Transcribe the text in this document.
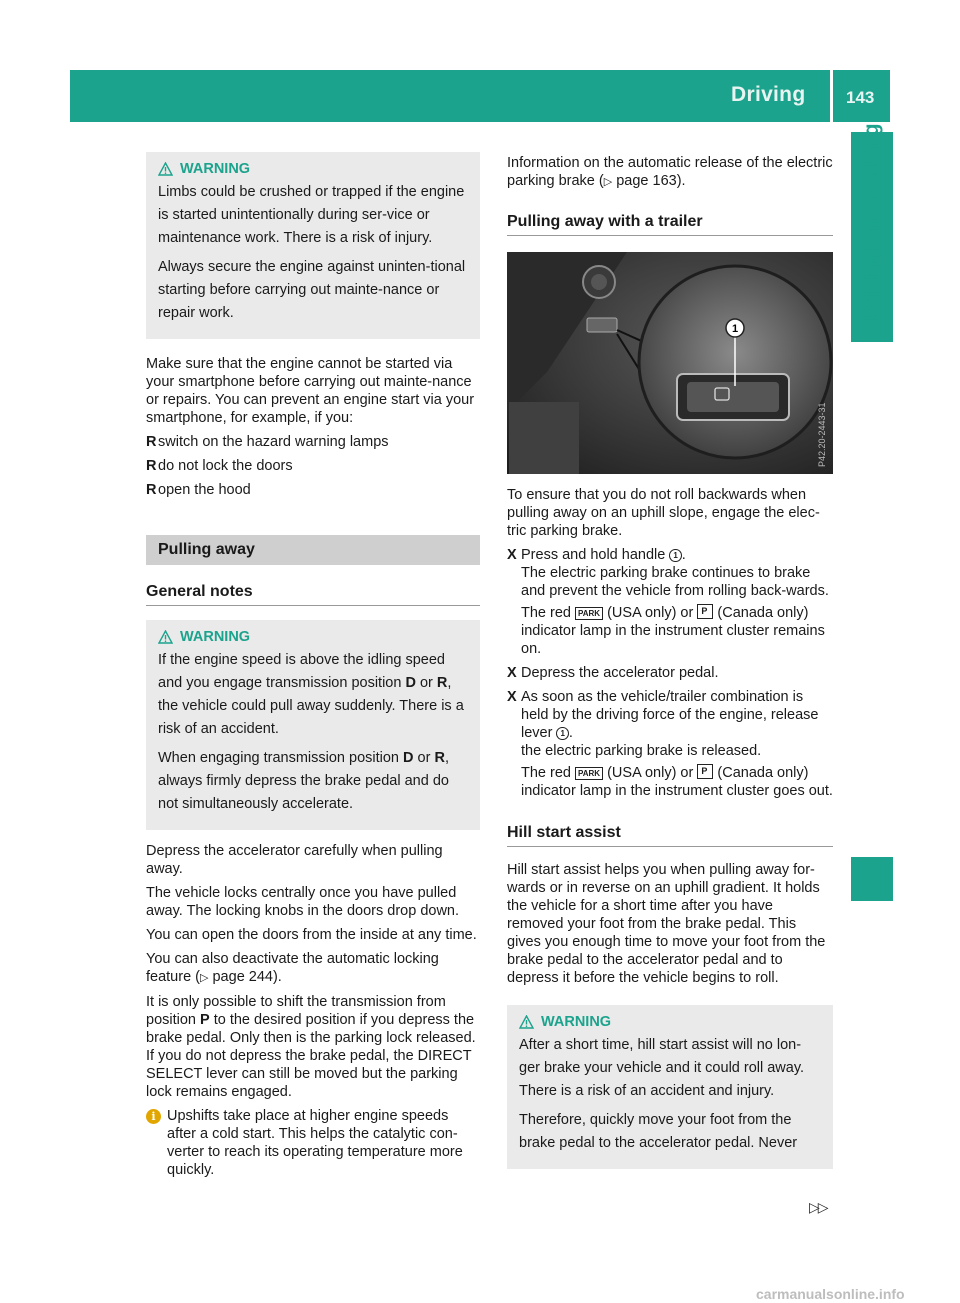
Driving 143
Driving and parking
WARNING

Limbs could be crushed or trapped if the engine is started unintentionally during ser-vice or maintenance work. There is a risk of injury.

Always secure the engine against uninten-tional starting before carrying out mainte-nance or repair work.

Make sure that the engine cannot be started via your smartphone before carrying out mainte-nance or repairs. You can prevent an engine start via your smartphone, for example, if you:

R switch on the hazard warning lamps
R do not lock the doors
R open the hood
Pulling away
General notes
WARNING

If the engine speed is above the idling speed and you engage transmission position D or R, the vehicle could pull away suddenly. There is a risk of an accident.

When engaging transmission position D or R, always firmly depress the brake pedal and do not simultaneously accelerate.

Depress the accelerator carefully when pulling away.

The vehicle locks centrally once you have pulled away. The locking knobs in the doors drop down.

You can open the doors from the inside at any time.

You can also deactivate the automatic locking feature (▷ page 244).

It is only possible to shift the transmission from position P to the desired position if you depress the brake pedal. Only then is the parking lock released. If you do not depress the brake pedal, the DIRECT SELECT lever can still be moved but the parking lock remains engaged.

i Upshifts take place at higher engine speeds after a cold start. This helps the catalytic con-verter to reach its operating temperature more quickly.

Information on the automatic release of the electric parking brake (▷ page 163).

Pulling away with a trailer
1
P42.20-2443-31

To ensure that you do not roll backwards when pulling away on an uphill slope, engage the elec-tric parking brake.

X Press and hold handle 1 .
The electric parking brake continues to brake and prevent the vehicle from rolling back-wards.
The red PARK (USA only) or P (Canada only) indicator lamp in the instrument cluster remains on.
X Depress the accelerator pedal.
X As soon as the vehicle/trailer combination is held by the driving force of the engine, release lever 1 .
the electric parking brake is released.
The red PARK (USA only) or P (Canada only) indicator lamp in the instrument cluster goes out.
Hill start assist

Hill start assist helps you when pulling away for-wards or in reverse on an uphill gradient. It holds the vehicle for a short time after you have removed your foot from the brake pedal. This gives you enough time to move your foot from the brake pedal to the accelerator pedal and to depress it before the vehicle begins to roll.

WARNING

After a short time, hill start assist will no lon-ger brake your vehicle and it could roll away. There is a risk of an accident and injury.

Therefore, quickly move your foot from the brake pedal to the accelerator pedal. Never

▷▷
carmanualsonline.info
